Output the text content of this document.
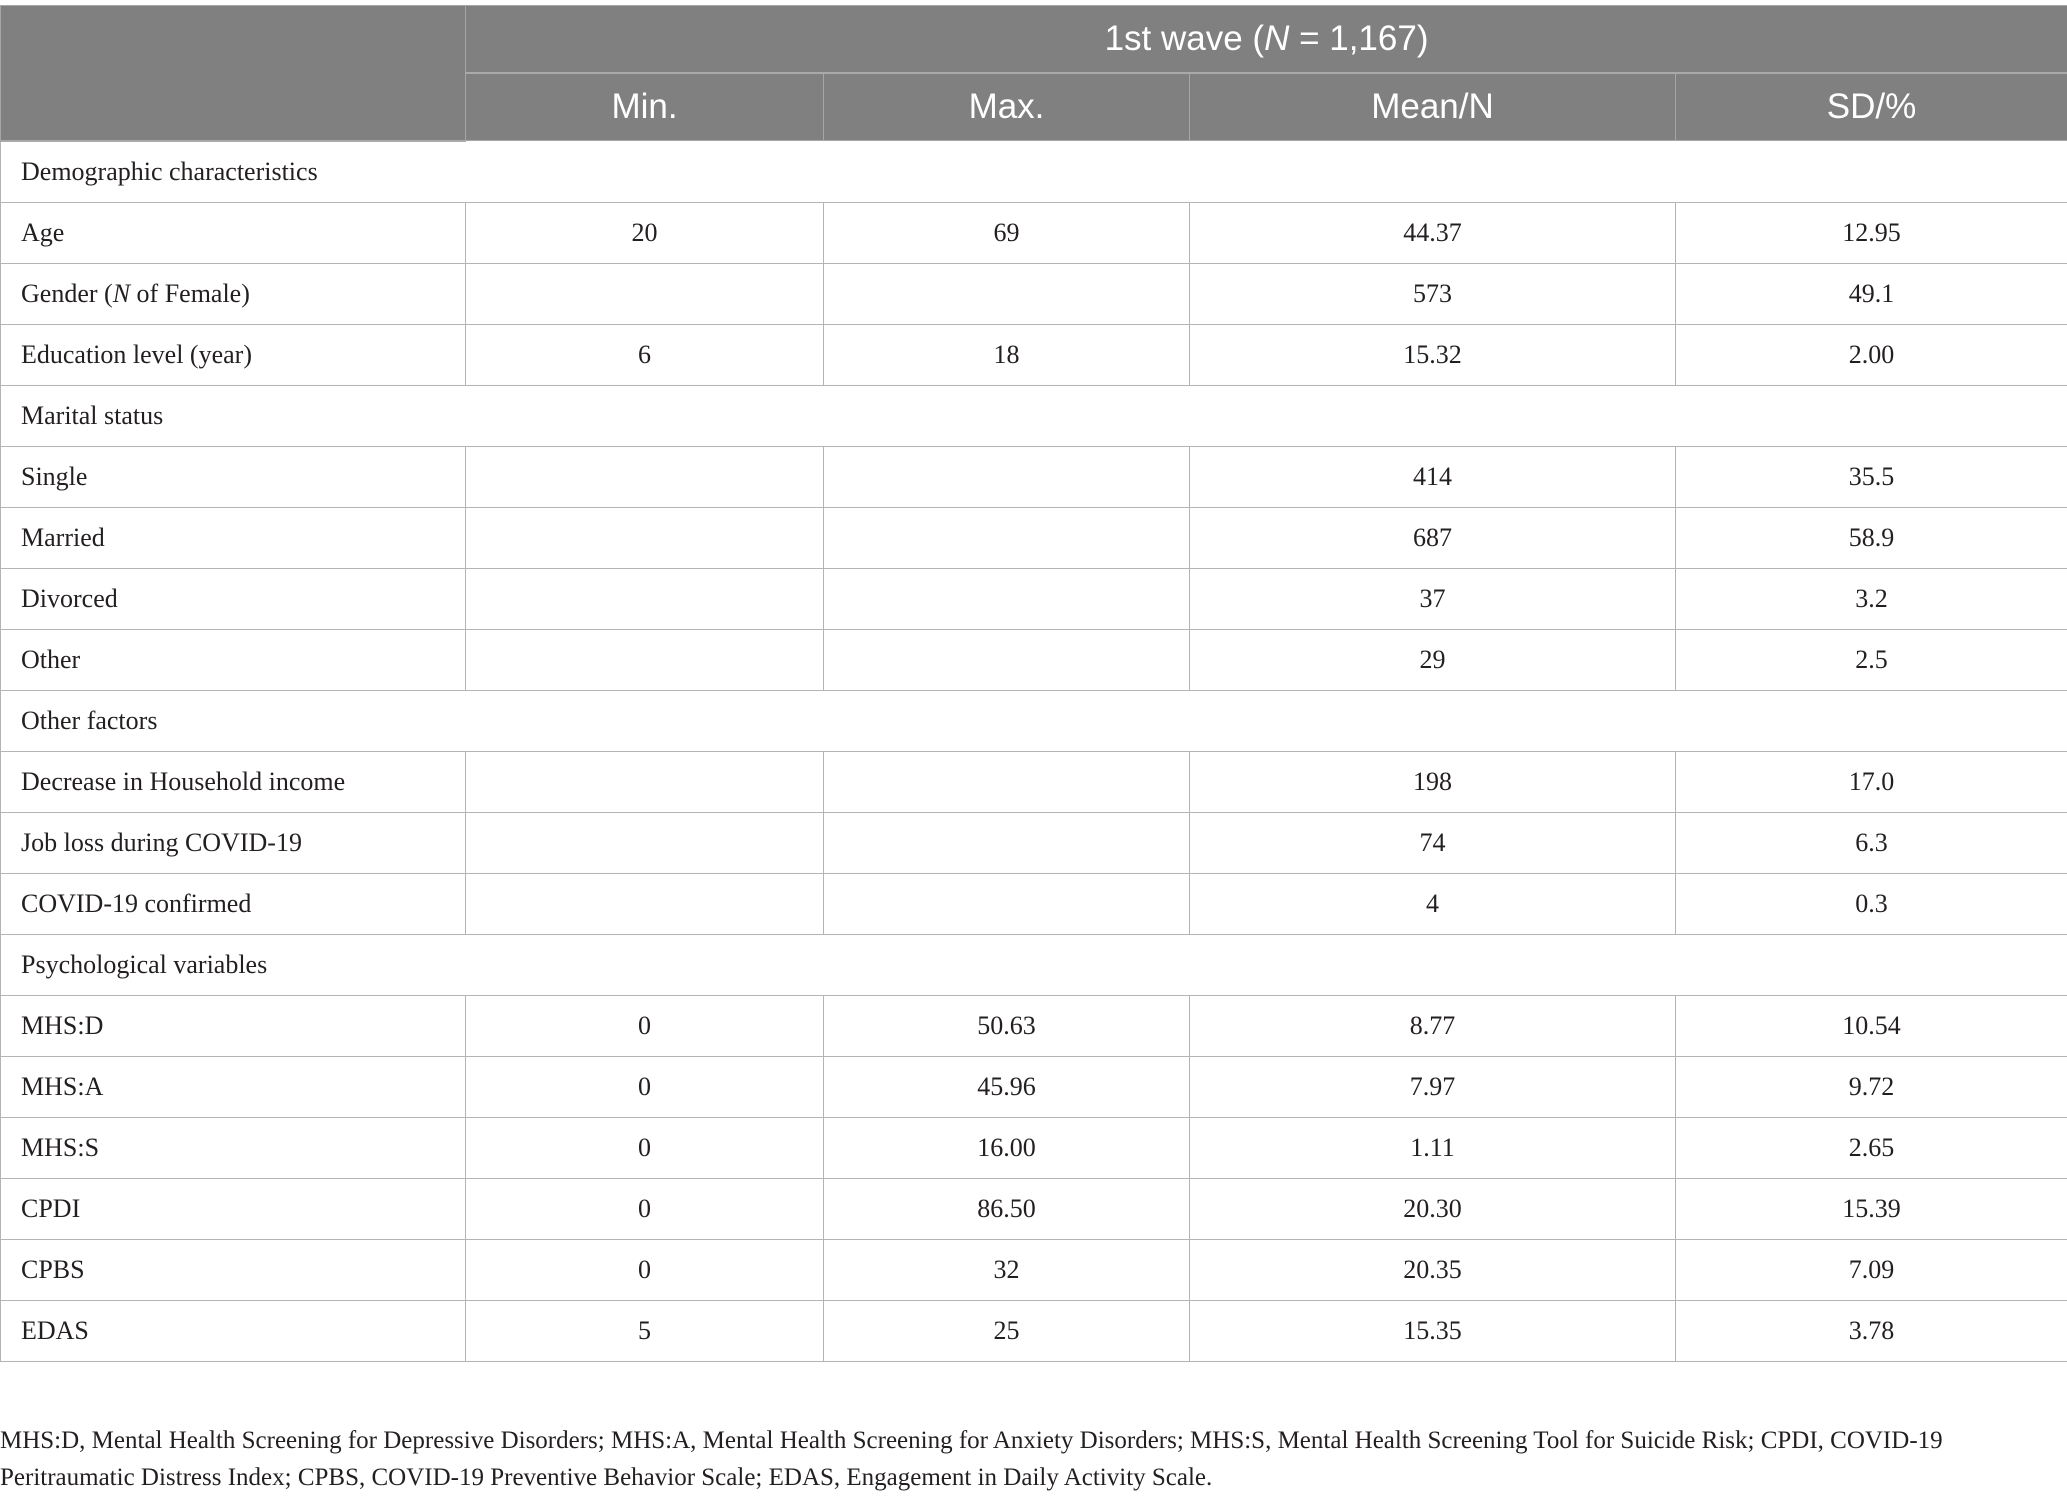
	1st wave (N = 1,167)			
	Min.	Max.	Mean/N	SD/%
Demographic characteristics				
Age	20	69	44.37	12.95
Gender (N of Female)			573	49.1
Education level (year)	6	18	15.32	2.00
Marital status				
Single			414	35.5
Married			687	58.9
Divorced			37	3.2
Other			29	2.5
Other factors				
Decrease in Household income			198	17.0
Job loss during COVID-19			74	6.3
COVID-19 confirmed			4	0.3
Psychological variables				
MHS:D	0	50.63	8.77	10.54
MHS:A	0	45.96	7.97	9.72
MHS:S	0	16.00	1.11	2.65
CPDI	0	86.50	20.30	15.39
CPBS	0	32	20.35	7.09
EDAS	5	25	15.35	3.78
MHS:D, Mental Health Screening for Depressive Disorders; MHS:A, Mental Health Screening for Anxiety Disorders; MHS:S, Mental Health Screening Tool for Suicide Risk; CPDI, COVID-19 Peritraumatic Distress Index; CPBS, COVID-19 Preventive Behavior Scale; EDAS, Engagement in Daily Activity Scale.
